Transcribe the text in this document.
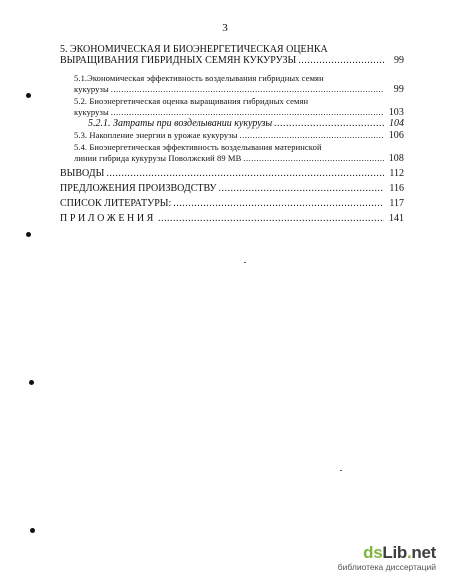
3
5. ЭКОНОМИЧЕСКАЯ И БИОЭНЕРГЕТИЧЕСКАЯ ОЦЕНКА
ВЫРАЩИВАНИЯ ГИБРИДНЫХ СЕМЯН КУКУРУЗЫ .....	99
5.1.Экономическая эффективность возделывания гибридных семян
кукурузы .....	99
5.2. Биоэнергетическая оценка выращивания гибридных семян
кукурузы .....	103
5.2.1. Затраты при возделывании кукурузы .....	104
5.3. Накопление энергии в урожае кукурузы .....	106
5.4. Биоэнергетическая эффективность возделывания материнской
линии гибрида кукурузы Поволжский 89 МВ .....	108
ВЫВОДЫ .....	112
ПРЕДЛОЖЕНИЯ ПРОИЗВОДСТВУ .....	116
СПИСОК ЛИТЕРАТУРЫ: .....	117
ПРИЛОЖЕНИЯ .....	141
dsLib.net
библиотека диссертаций
